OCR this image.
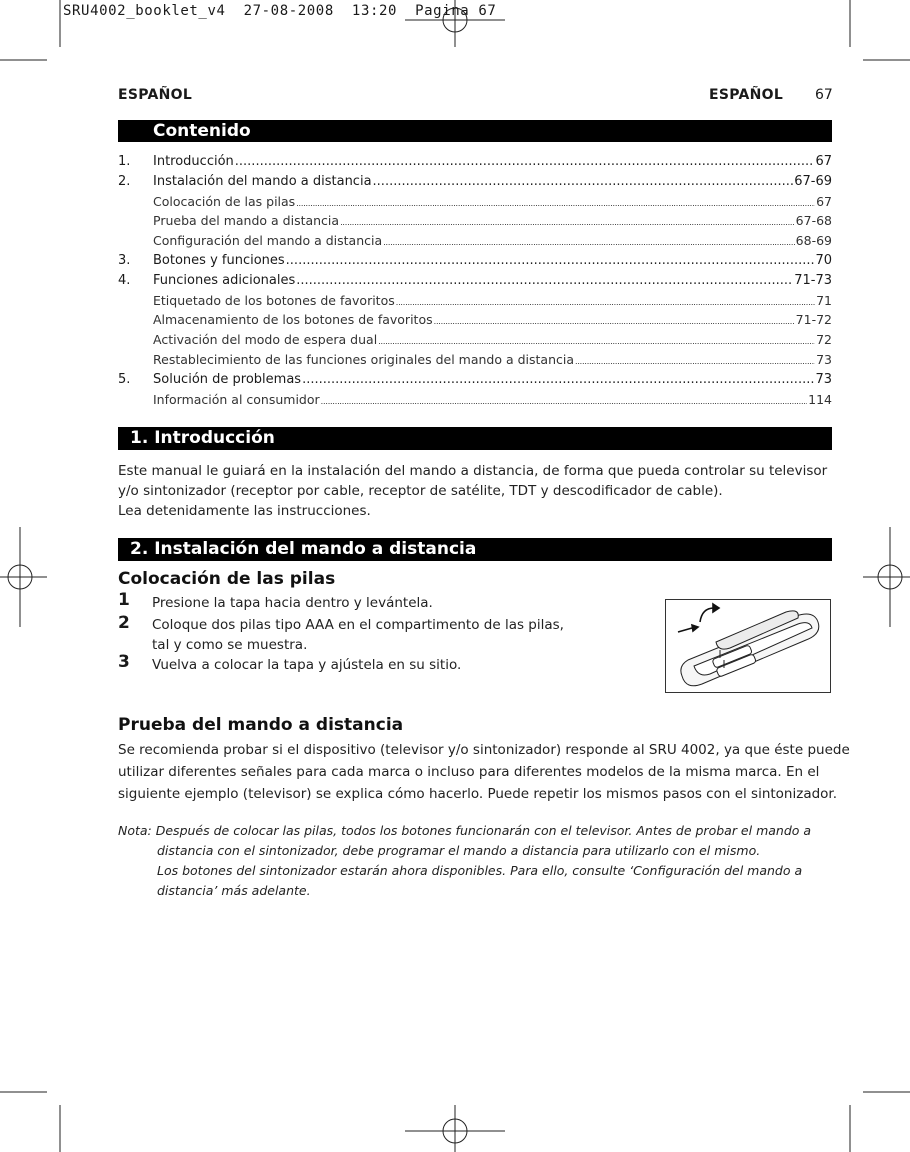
SRU4002_booklet_v4  27-08-2008  13:20  Pagina 67
ESPAÑOL	ESPAÑOL 67
Contenido
1.	Introducción .....	67
2.	Instalación del mando a distancia .....	67-69
Colocación de las pilas .....	67
Prueba del mando a distancia .....	67-68
Configuración del mando a distancia .....	68-69
3.	Botones y funciones .....	70
4.	Funciones adicionales .....	71-73
Etiquetado de los botones de favoritos .....	71
Almacenamiento de los botones de favoritos .....	71-72
Activación del modo de espera dual .....	72
Restablecimiento de las funciones originales del mando a distancia .....	73
5.	Solución de problemas .....	73
Información al consumidor .....	114
1. Introducción
Este manual le guiará en la instalación del mando a distancia, de forma que pueda controlar su televisor
y/o sintonizador (receptor por cable, receptor de satélite, TDT y descodificador de cable).
Lea detenidamente las instrucciones.
2. Instalación del mando a distancia
Colocación de las pilas
1 Presione la tapa hacia dentro y levántela.
2 Coloque dos pilas tipo AAA en el compartimento de las pilas,
tal y como se muestra.
3 Vuelva a colocar la tapa y ajústela en su sitio.
Prueba del mando a distancia
Se recomienda probar si el dispositivo (televisor y/o sintonizador) responde al SRU 4002, ya que éste puede
utilizar diferentes señales para cada marca o incluso para diferentes modelos de la misma marca. En el
siguiente ejemplo (televisor) se explica cómo hacerlo. Puede repetir los mismos pasos con el sintonizador.
Nota: Después de colocar las pilas, todos los botones funcionarán con el televisor. Antes de probar el mando a
distancia con el sintonizador, debe programar el mando a distancia para utilizarlo con el mismo.
Los botones del sintonizador estarán ahora disponibles. Para ello, consulte ‘Configuración del mando a
distancia’ más adelante.
